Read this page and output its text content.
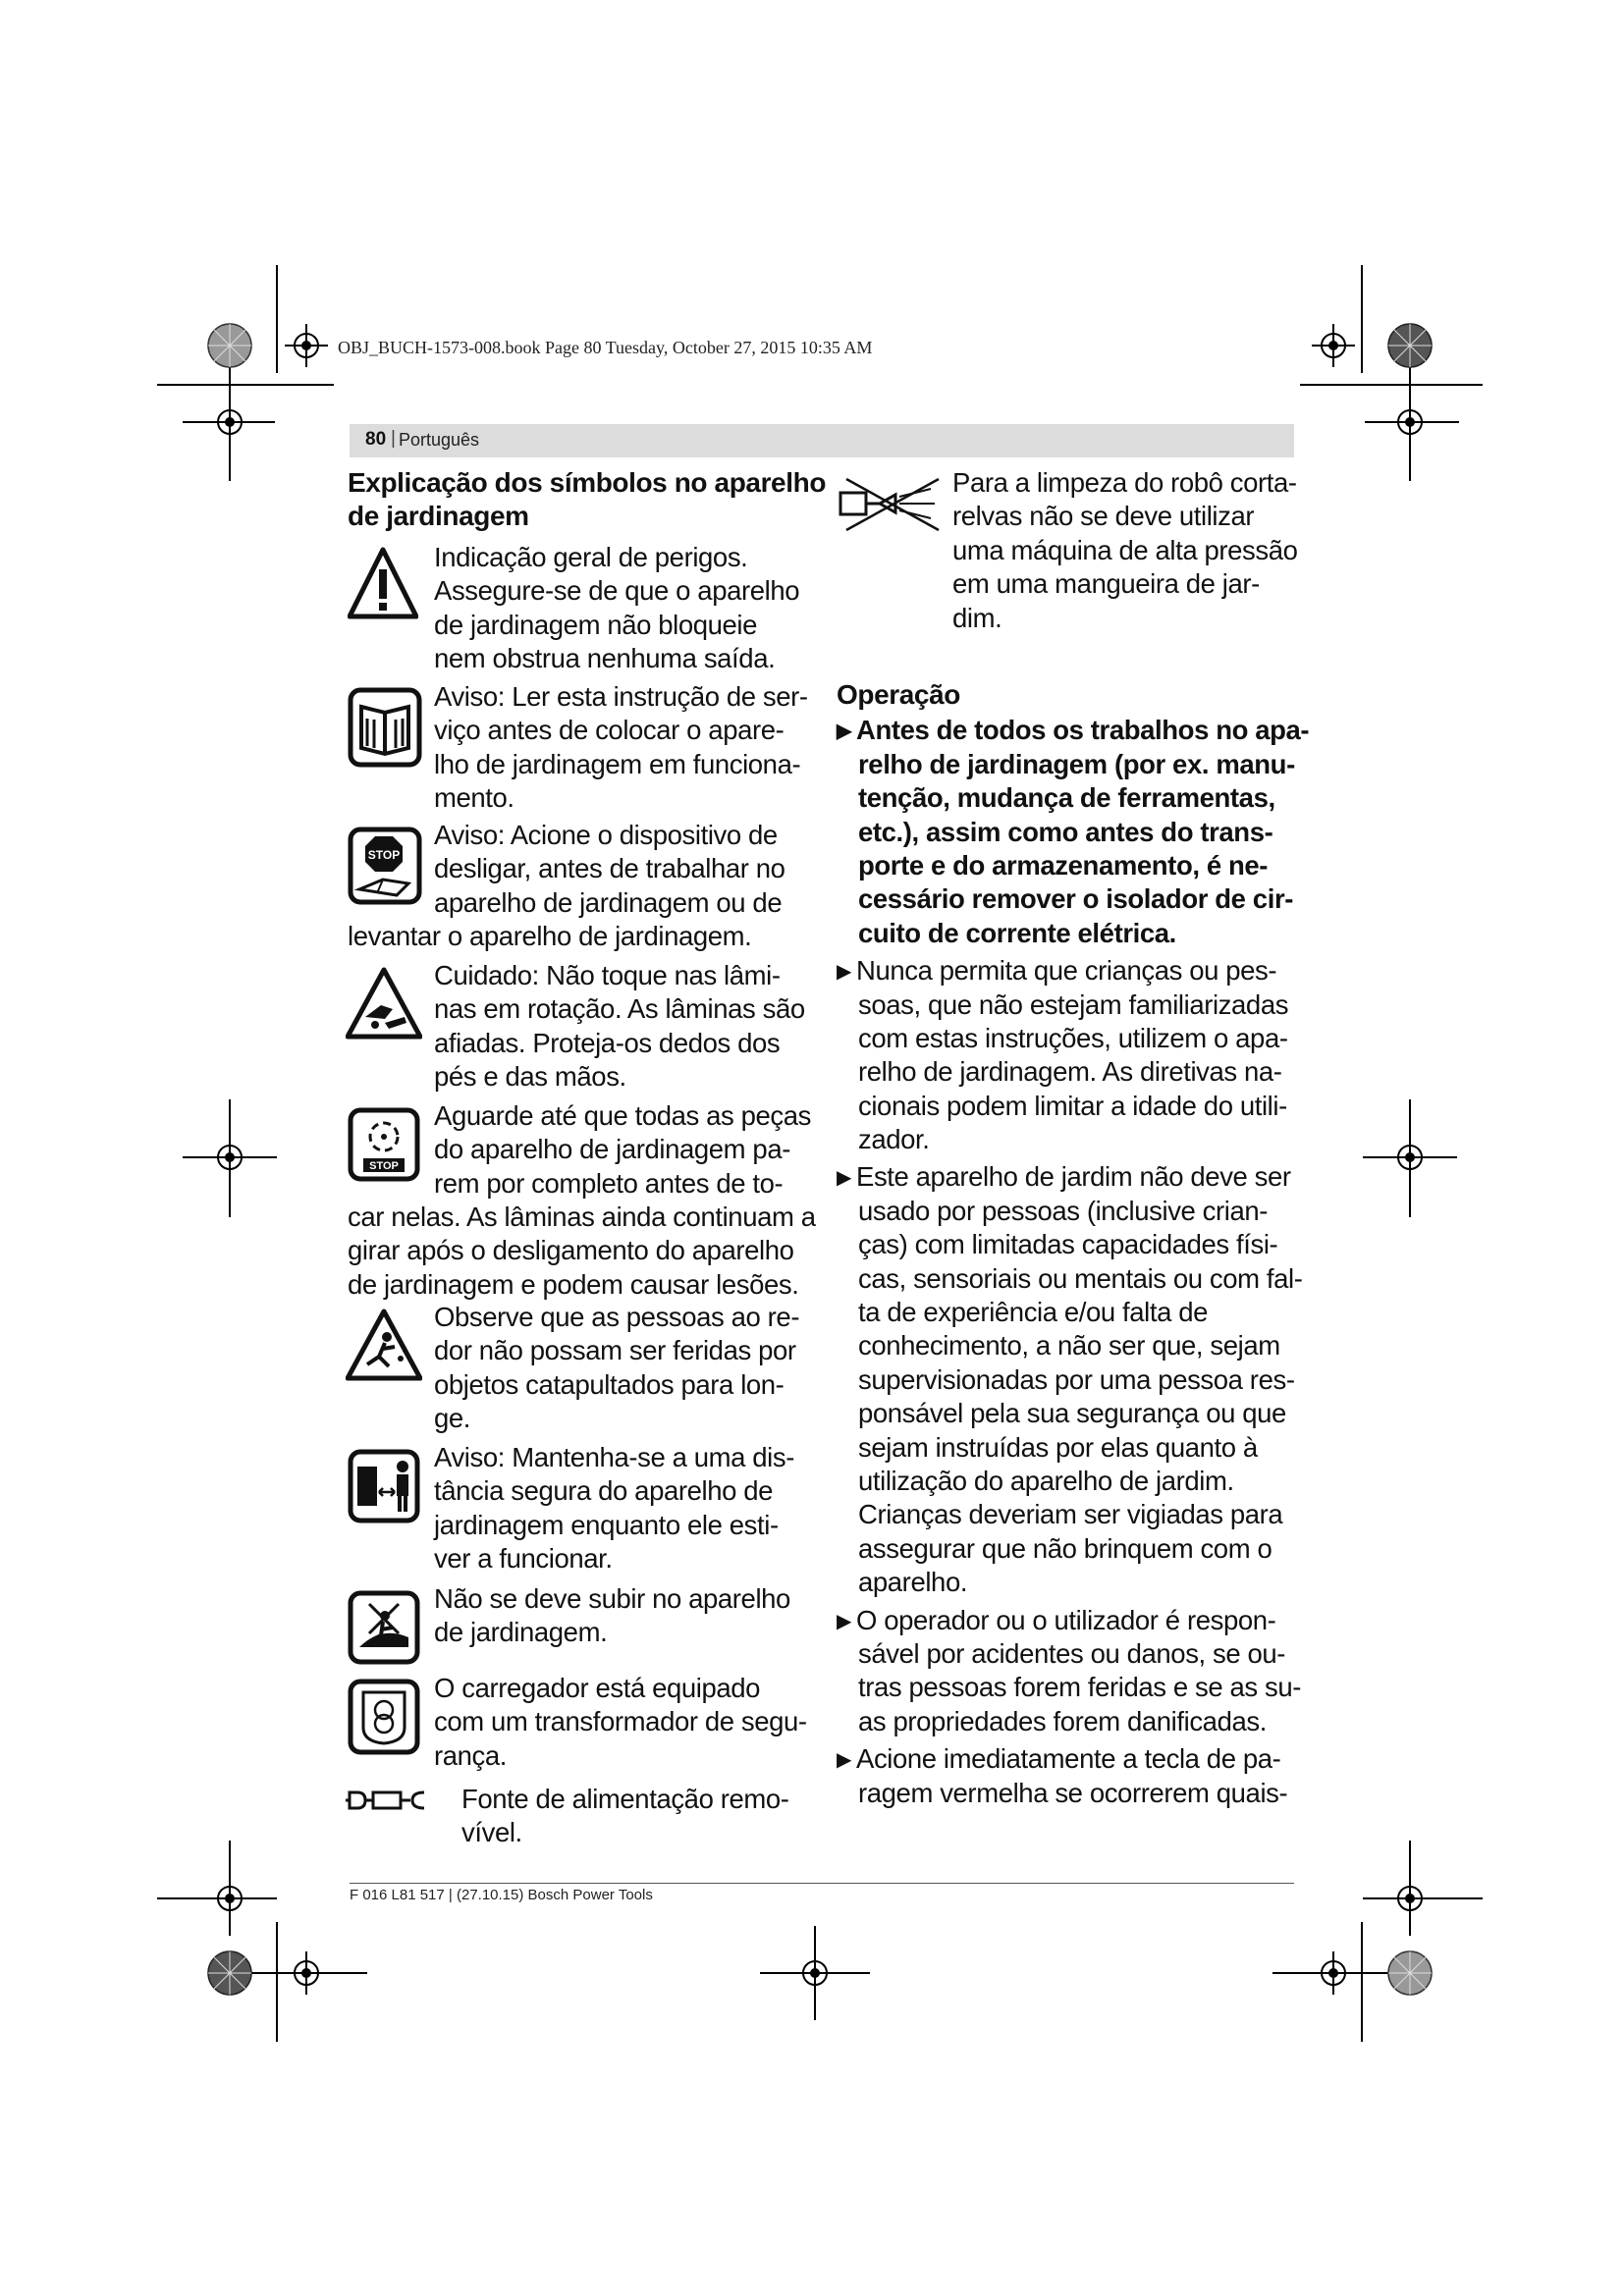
OBJ_BUCH-1573-008.book Page 80 Tuesday, October 27, 2015 10:35 AM
80 | Português
Explicação dos símbolos no aparelho
de jardinagem
Indicação geral de perigos.
Assegure-se de que o aparelho
de jardinagem não bloqueie
nem obstrua nenhuma saída.
Aviso: Ler esta instrução de ser-
viço antes de colocar o apare-
lho de jardinagem em funciona-
mento.
STOP
Aviso: Acione o dispositivo de
desligar, antes de trabalhar no
aparelho de jardinagem ou de
levantar o aparelho de jardinagem.
Cuidado: Não toque nas lâmi-
nas em rotação. As lâminas são
afiadas. Proteja-os dedos dos
pés e das mãos.
STOP
Aguarde até que todas as peças
do aparelho de jardinagem pa-
rem por completo antes de to-
car nelas. As lâminas ainda continuam a
girar após o desligamento do aparelho
de jardinagem e podem causar lesões.
Observe que as pessoas ao re-
dor não possam ser feridas por
objetos catapultados para lon-
ge.
Aviso: Mantenha-se a uma dis-
tância segura do aparelho de
jardinagem enquanto ele esti-
ver a funcionar.
Não se deve subir no aparelho
de jardinagem.
O carregador está equipado
com um transformador de segu-
rança.
Fonte de alimentação remo-
vível.
Para a limpeza do robô corta-
relvas não se deve utilizar
uma máquina de alta pressão
em uma mangueira de jar-
dim.
Operação
▶ Antes de todos os trabalhos no apa-
relho de jardinagem (por ex. manu-
tenção, mudança de ferramentas,
etc.), assim como antes do trans-
porte e do armazenamento, é ne-
cessário remover o isolador de cir-
cuito de corrente elétrica.
▶ Nunca permita que crianças ou pes-
soas, que não estejam familiarizadas
com estas instruções, utilizem o apa-
relho de jardinagem. As diretivas na-
cionais podem limitar a idade do utili-
zador.
▶ Este aparelho de jardim não deve ser
usado por pessoas (inclusive crian-
ças) com limitadas capacidades físi-
cas, sensoriais ou mentais ou com fal-
ta de experiência e/ou falta de
conhecimento, a não ser que, sejam
supervisionadas por uma pessoa res-
ponsável pela sua segurança ou que
sejam instruídas por elas quanto à
utilização do aparelho de jardim.
Crianças deveriam ser vigiadas para
assegurar que não brinquem com o
aparelho.
▶ O operador ou o utilizador é respon-
sável por acidentes ou danos, se ou-
tras pessoas forem feridas e se as su-
as propriedades forem danificadas.
▶ Acione imediatamente a tecla de pa-
ragem vermelha se ocorrerem quais-
F 016 L81 517 | (27.10.15) Bosch Power Tools
